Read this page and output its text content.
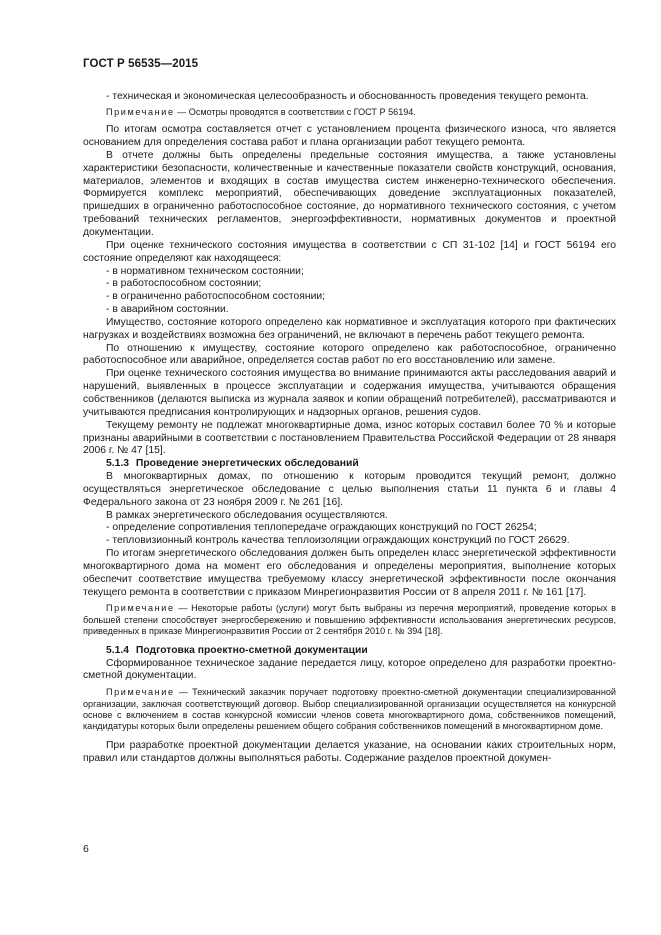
ГОСТ Р 56535—2015

- техническая и экономическая целесообразность и обоснованность проведения текущего ремонта.

Примечание — Осмотры проводятся в соответствии с ГОСТ Р 56194.

По итогам осмотра составляется отчет с установлением процента физического износа, что является основанием для определения состава работ и плана организации работ текущего ремонта.

В отчете должны быть определены предельные состояния имущества, а также установлены характеристики безопасности, количественные и качественные показатели свойств конструкций, основания, материалов, элементов и входящих в состав имущества систем инженерно-технического обеспечения. Формируется комплекс мероприятий, обеспечивающих доведение эксплуатационных показателей, пришедших в ограниченно работоспособное состояние, до нормативного технического состояния, с учетом требований технических регламентов, энергоэффективности, нормативных документов и проектной документации.

При оценке технического состояния имущества в соответствии с СП 31-102 [14] и ГОСТ 56194 его состояние определяют как находящееся:

- в нормативном техническом состоянии;

- в работоспособном состоянии;

- в ограниченно работоспособном состоянии;

- в аварийном состоянии.

Имущество, состояние которого определено как нормативное и эксплуатация которого при фактических нагрузках и воздействиях возможна без ограничений, не включают в перечень работ текущего ремонта.

По отношению к имуществу, состояние которого определено как работоспособное, ограниченно работоспособное или аварийное, определяется состав работ по его восстановлению или замене.

При оценке технического состояния имущества во внимание принимаются акты расследования аварий и нарушений, выявленных в процессе эксплуатации и содержания имущества, учитываются обращения собственников (делаются выписка из журнала заявок и копии обращений потребителей), рассматриваются и учитываются предписания контролирующих и надзорных органов, решения судов.

Текущему ремонту не подлежат многоквартирные дома, износ которых составил более 70 % и которые признаны аварийными в соответствии с постановлением Правительства Российской Федерации от 28 января 2006 г. № 47 [15].

5.1.3 Проведение энергетических обследований

В многоквартирных домах, по отношению к которым проводится текущий ремонт, должно осуществляться энергетическое обследование с целью выполнения статьи 11 пункта 6 и главы 4 Федерального закона от 23 ноября 2009 г. № 261 [16].

В рамках энергетического обследования осуществляются.

- определение сопротивления теплопередаче ограждающих конструкций по ГОСТ 26254;

- тепловизионный контроль качества теплоизоляции ограждающих конструкций по ГОСТ 26629.

По итогам энергетического обследования должен быть определен класс энергетической эффективности многоквартирного дома на момент его обследования и определены мероприятия, выполнение которых обеспечит соответствие имущества требуемому классу энергетической эффективности после окончания текущего ремонта в соответствии с приказом Минрегионразвития России от 8 апреля 2011 г. № 161 [17].

Примечание — Некоторые работы (услуги) могут быть выбраны из перечня мероприятий, проведение которых в большей степени способствует энергосбережению и повышению эффективности использования энергетических ресурсов, приведенных в приказе Минрегионразвития России от 2 сентября 2010 г. № 394 [18].

5.1.4 Подготовка проектно-сметной документации

Сформированное техническое задание передается лицу, которое определено для разработки проектно-сметной документации.

Примечание — Технический заказчик поручает подготовку проектно-сметной документации специализированной организации, заключая соответствующий договор. Выбор специализированной организации осуществляется на конкурсной основе с включением в состав конкурсной комиссии членов совета многоквартирного дома, собственников помещений, кандидатуры которых были определены решением общего собрания собственников помещений в многоквартирном доме.

При разработке проектной документации делается указание, на основании каких строительных норм, правил или стандартов должны выполняться работы. Содержание разделов проектной докумен-

6
